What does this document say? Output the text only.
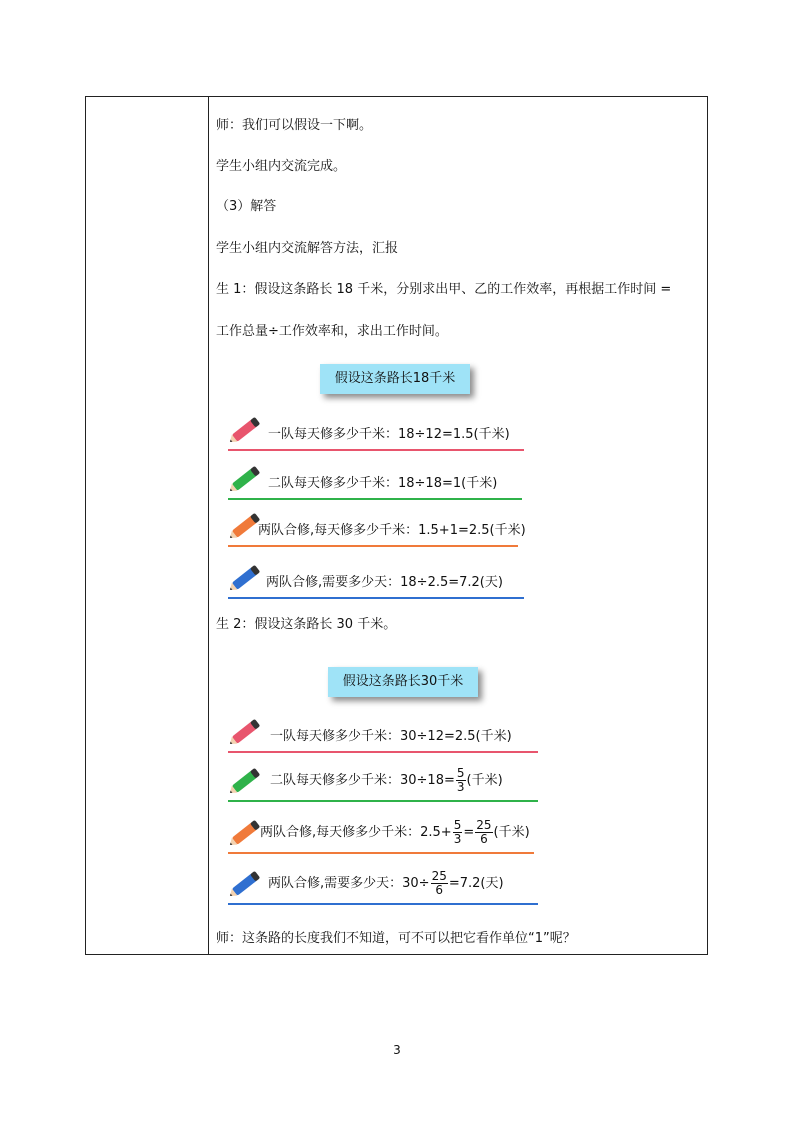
师：我们可以假设一下啊。
学生小组内交流完成。
（3）解答
学生小组内交流解答方法，汇报
生 1：假设这条路长 18 千米，分别求出甲、乙的工作效率，再根据工作时间 =
工作总量÷工作效率和，求出工作时间。
假设这条路长18千米
一队每天修多少千米：18÷12=1.5(千米)
二队每天修多少千米：18÷18=1(千米)
两队合修,每天修多少千米：1.5+1=2.5(千米)
两队合修,需要多少天：18÷2.5=7.2(天)
生 2：假设这条路长 30 千米。
假设这条路长30千米
一队每天修多少千米：30÷12=2.5(千米)
二队每天修多少千米：$30\div 18= \frac{5}{3}$ (千米)
两队合修,每天修多少千米：$2.5+ \frac{5}{3} = \frac{25}{6}$ (千米)
两队合修,需要多少天：$30\div \frac{25}{6} =7.2$(天)
师：这条路的长度我们不知道，可不可以把它看作单位“1”呢？
3
